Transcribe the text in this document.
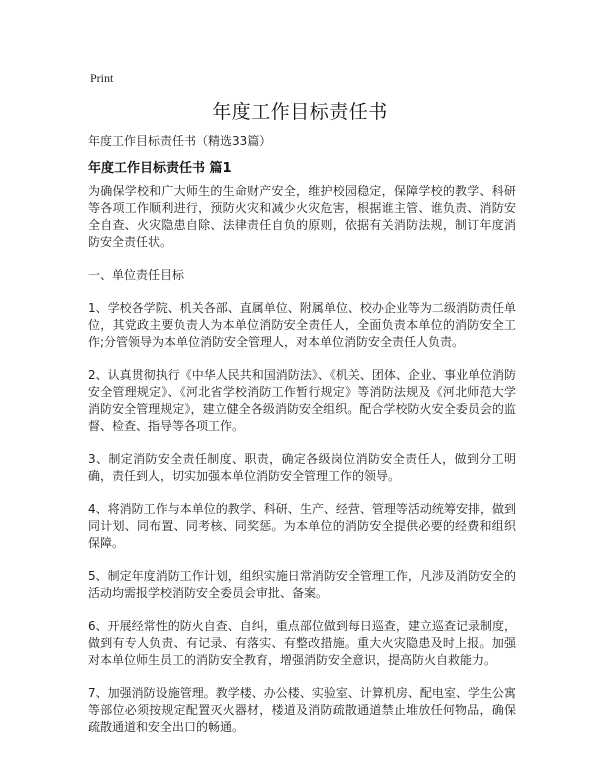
Print
年度工作目标责任书
年度工作目标责任书（精选33篇）
年度工作目标责任书 篇1

为确保学校和广大师生的生命财产安全，维护校园稳定，保障学校的教学、科研等各项工作顺利进行，预防火灾和减少火灾危害，根据谁主管、谁负责、消防安全自查、火灾隐患自除、法律责任自负的原则，依据有关消防法规，制订年度消防安全责任状。

一、单位责任目标

1、学校各学院、机关各部、直属单位、附属单位、校办企业等为二级消防责任单位，其党政主要负责人为本单位消防安全责任人，全面负责本单位的消防安全工作;分管领导为本单位消防安全管理人，对本单位消防安全责任人负责。

2、认真贯彻执行《中华人民共和国消防法》、《机关、团体、企业、事业单位消防安全管理规定》、《河北省学校消防工作暂行规定》等消防法规及《河北师范大学消防安全管理规定》，建立健全各级消防安全组织。配合学校防火安全委员会的监督、检查、指导等各项工作。

3、制定消防安全责任制度、职责，确定各级岗位消防安全责任人，做到分工明确，责任到人，切实加强本单位消防安全管理工作的领导。

4、将消防工作与本单位的教学、科研、生产、经营、管理等活动统筹安排，做到同计划、同布置、同考核、同奖惩。为本单位的消防安全提供必要的经费和组织保障。

5、制定年度消防工作计划，组织实施日常消防安全管理工作，凡涉及消防安全的活动均需报学校消防安全委员会审批、备案。

6、开展经常性的防火自查、自纠，重点部位做到每日巡查，建立巡查记录制度，做到有专人负责、有记录、有落实、有整改措施。重大火灾隐患及时上报。加强对本单位师生员工的消防安全教育，增强消防安全意识，提高防火自救能力。

7、加强消防设施管理。教学楼、办公楼、实验室、计算机房、配电室、学生公寓等部位必须按规定配置灭火器材，楼道及消防疏散通道禁止堆放任何物品，确保疏散通道和安全出口的畅通。
